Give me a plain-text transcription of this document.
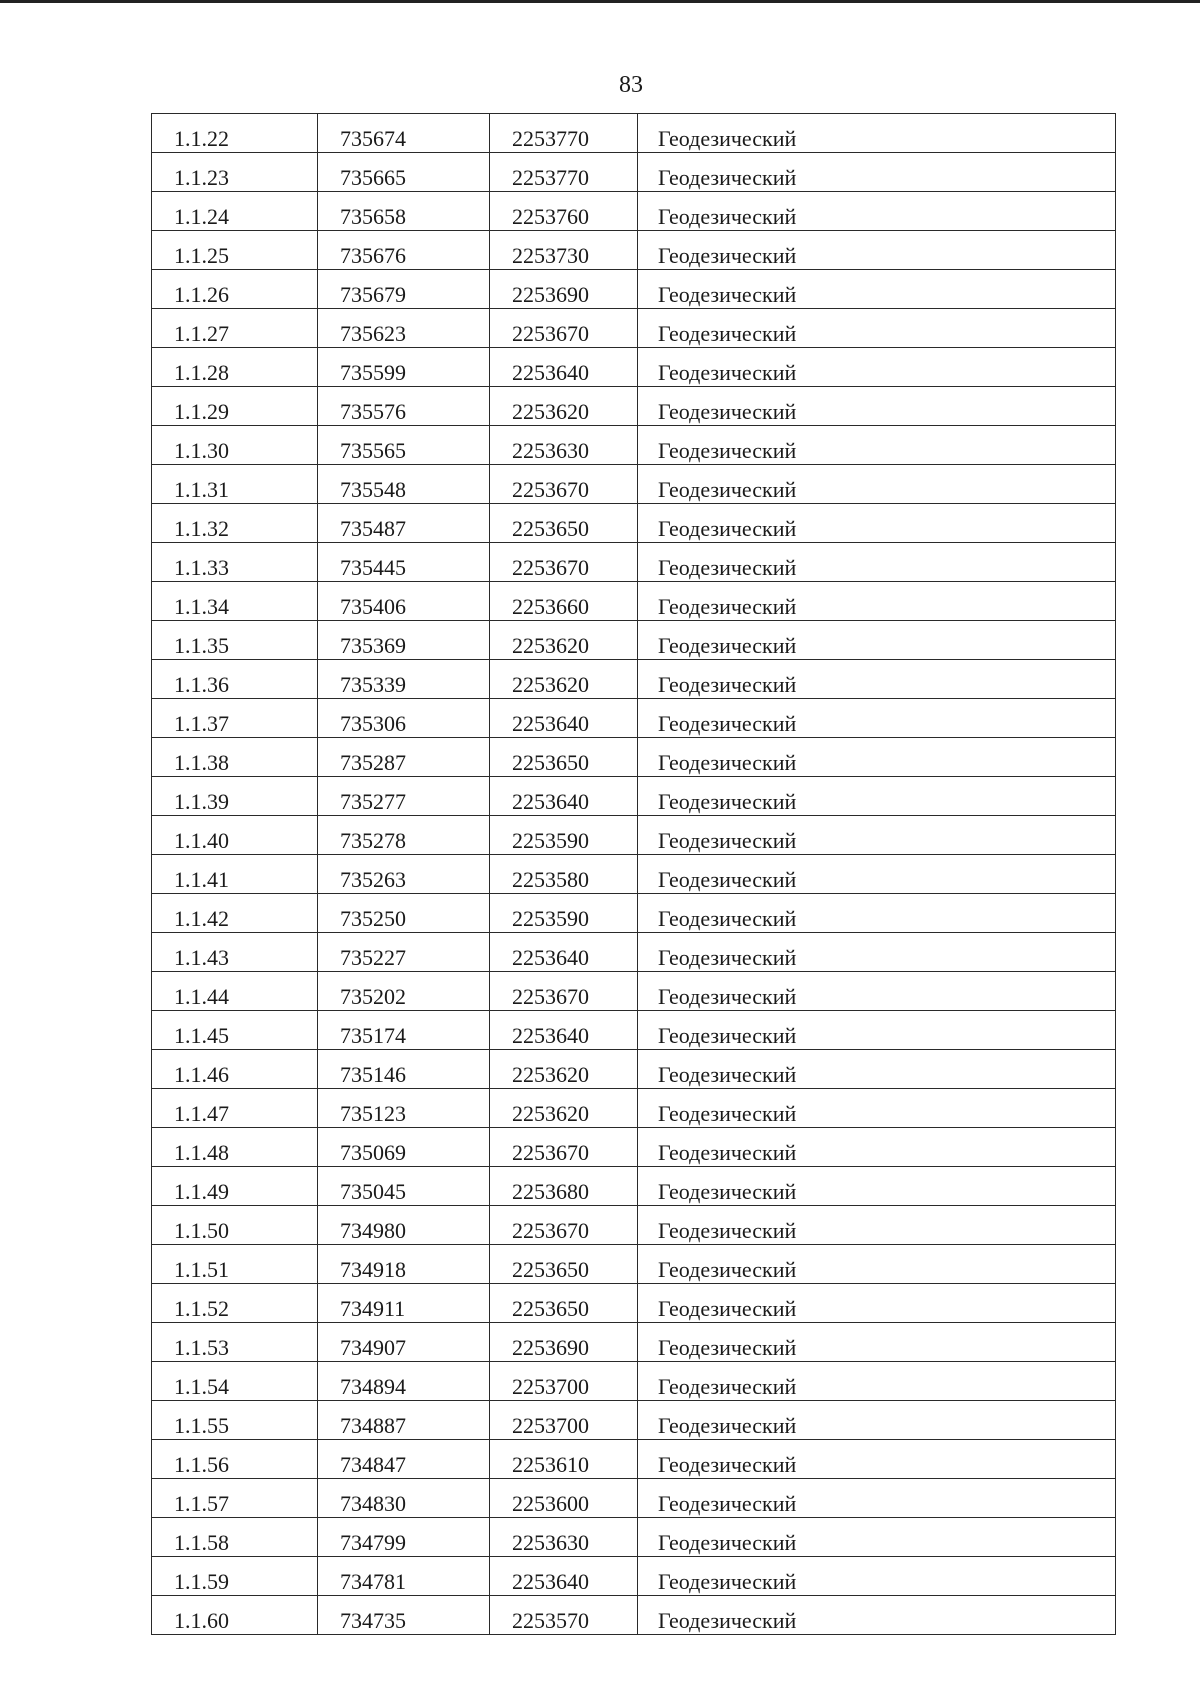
83
1.1.22	735674	2253770	Геодезический
1.1.23	735665	2253770	Геодезический
1.1.24	735658	2253760	Геодезический
1.1.25	735676	2253730	Геодезический
1.1.26	735679	2253690	Геодезический
1.1.27	735623	2253670	Геодезический
1.1.28	735599	2253640	Геодезический
1.1.29	735576	2253620	Геодезический
1.1.30	735565	2253630	Геодезический
1.1.31	735548	2253670	Геодезический
1.1.32	735487	2253650	Геодезический
1.1.33	735445	2253670	Геодезический
1.1.34	735406	2253660	Геодезический
1.1.35	735369	2253620	Геодезический
1.1.36	735339	2253620	Геодезический
1.1.37	735306	2253640	Геодезический
1.1.38	735287	2253650	Геодезический
1.1.39	735277	2253640	Геодезический
1.1.40	735278	2253590	Геодезический
1.1.41	735263	2253580	Геодезический
1.1.42	735250	2253590	Геодезический
1.1.43	735227	2253640	Геодезический
1.1.44	735202	2253670	Геодезический
1.1.45	735174	2253640	Геодезический
1.1.46	735146	2253620	Геодезический
1.1.47	735123	2253620	Геодезический
1.1.48	735069	2253670	Геодезический
1.1.49	735045	2253680	Геодезический
1.1.50	734980	2253670	Геодезический
1.1.51	734918	2253650	Геодезический
1.1.52	734911	2253650	Геодезический
1.1.53	734907	2253690	Геодезический
1.1.54	734894	2253700	Геодезический
1.1.55	734887	2253700	Геодезический
1.1.56	734847	2253610	Геодезический
1.1.57	734830	2253600	Геодезический
1.1.58	734799	2253630	Геодезический
1.1.59	734781	2253640	Геодезический
1.1.60	734735	2253570	Геодезический
